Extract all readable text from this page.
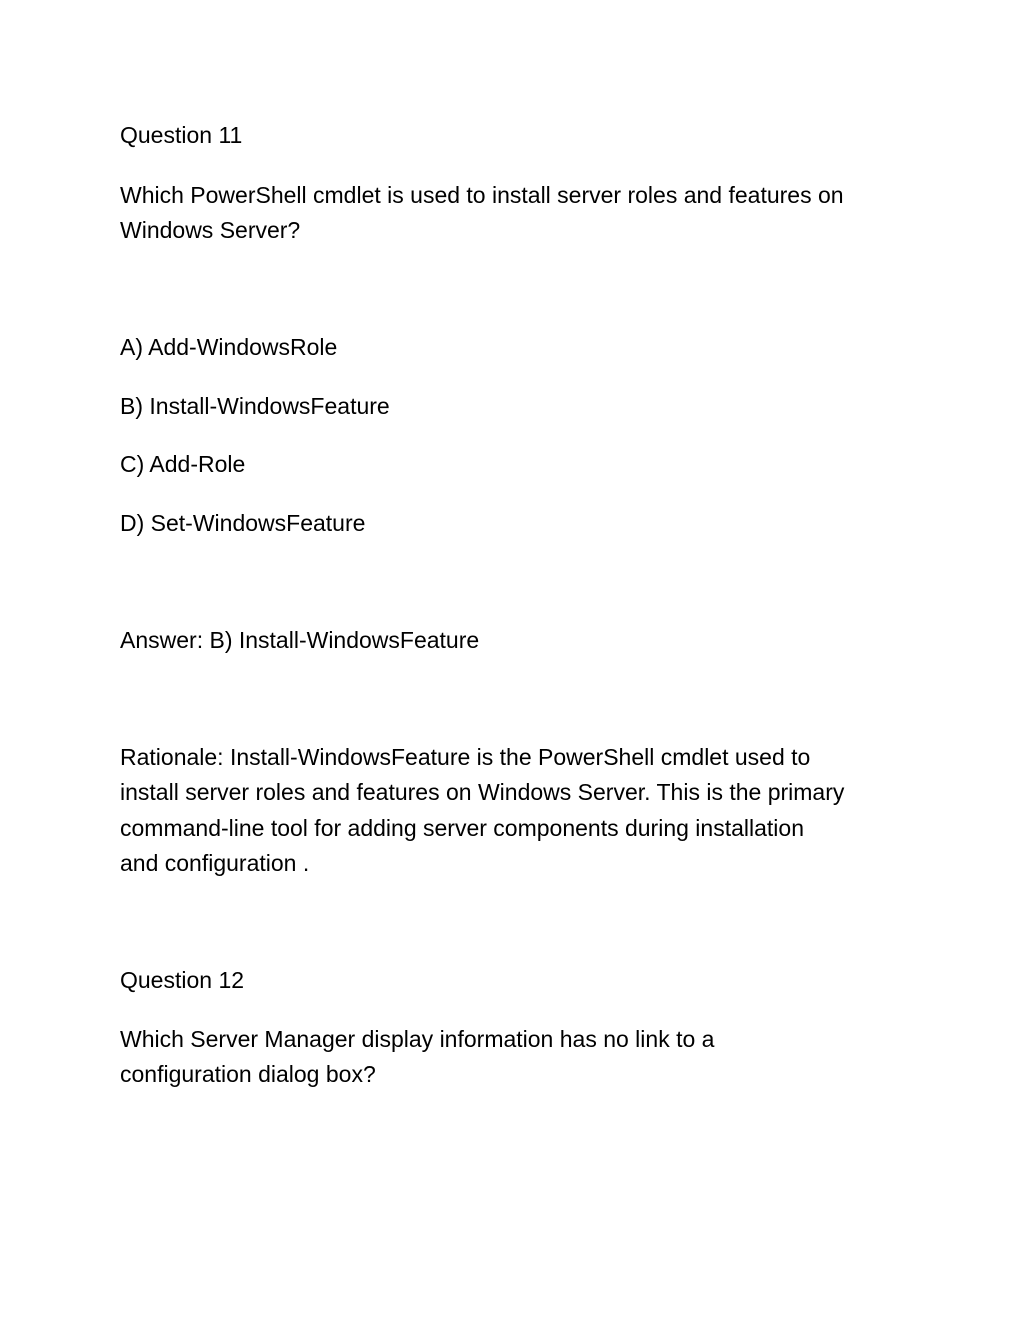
Question 11
Which PowerShell cmdlet is used to install server roles and features on
Windows Server?
A) Add-WindowsRole
B) Install-WindowsFeature
C) Add-Role
D) Set-WindowsFeature
Answer: B) Install-WindowsFeature
Rationale: Install-WindowsFeature is the PowerShell cmdlet used to
install server roles and features on Windows Server. This is the primary
command-line tool for adding server components during installation
and configuration .
Question 12
Which Server Manager display information has no link to a
configuration dialog box?
